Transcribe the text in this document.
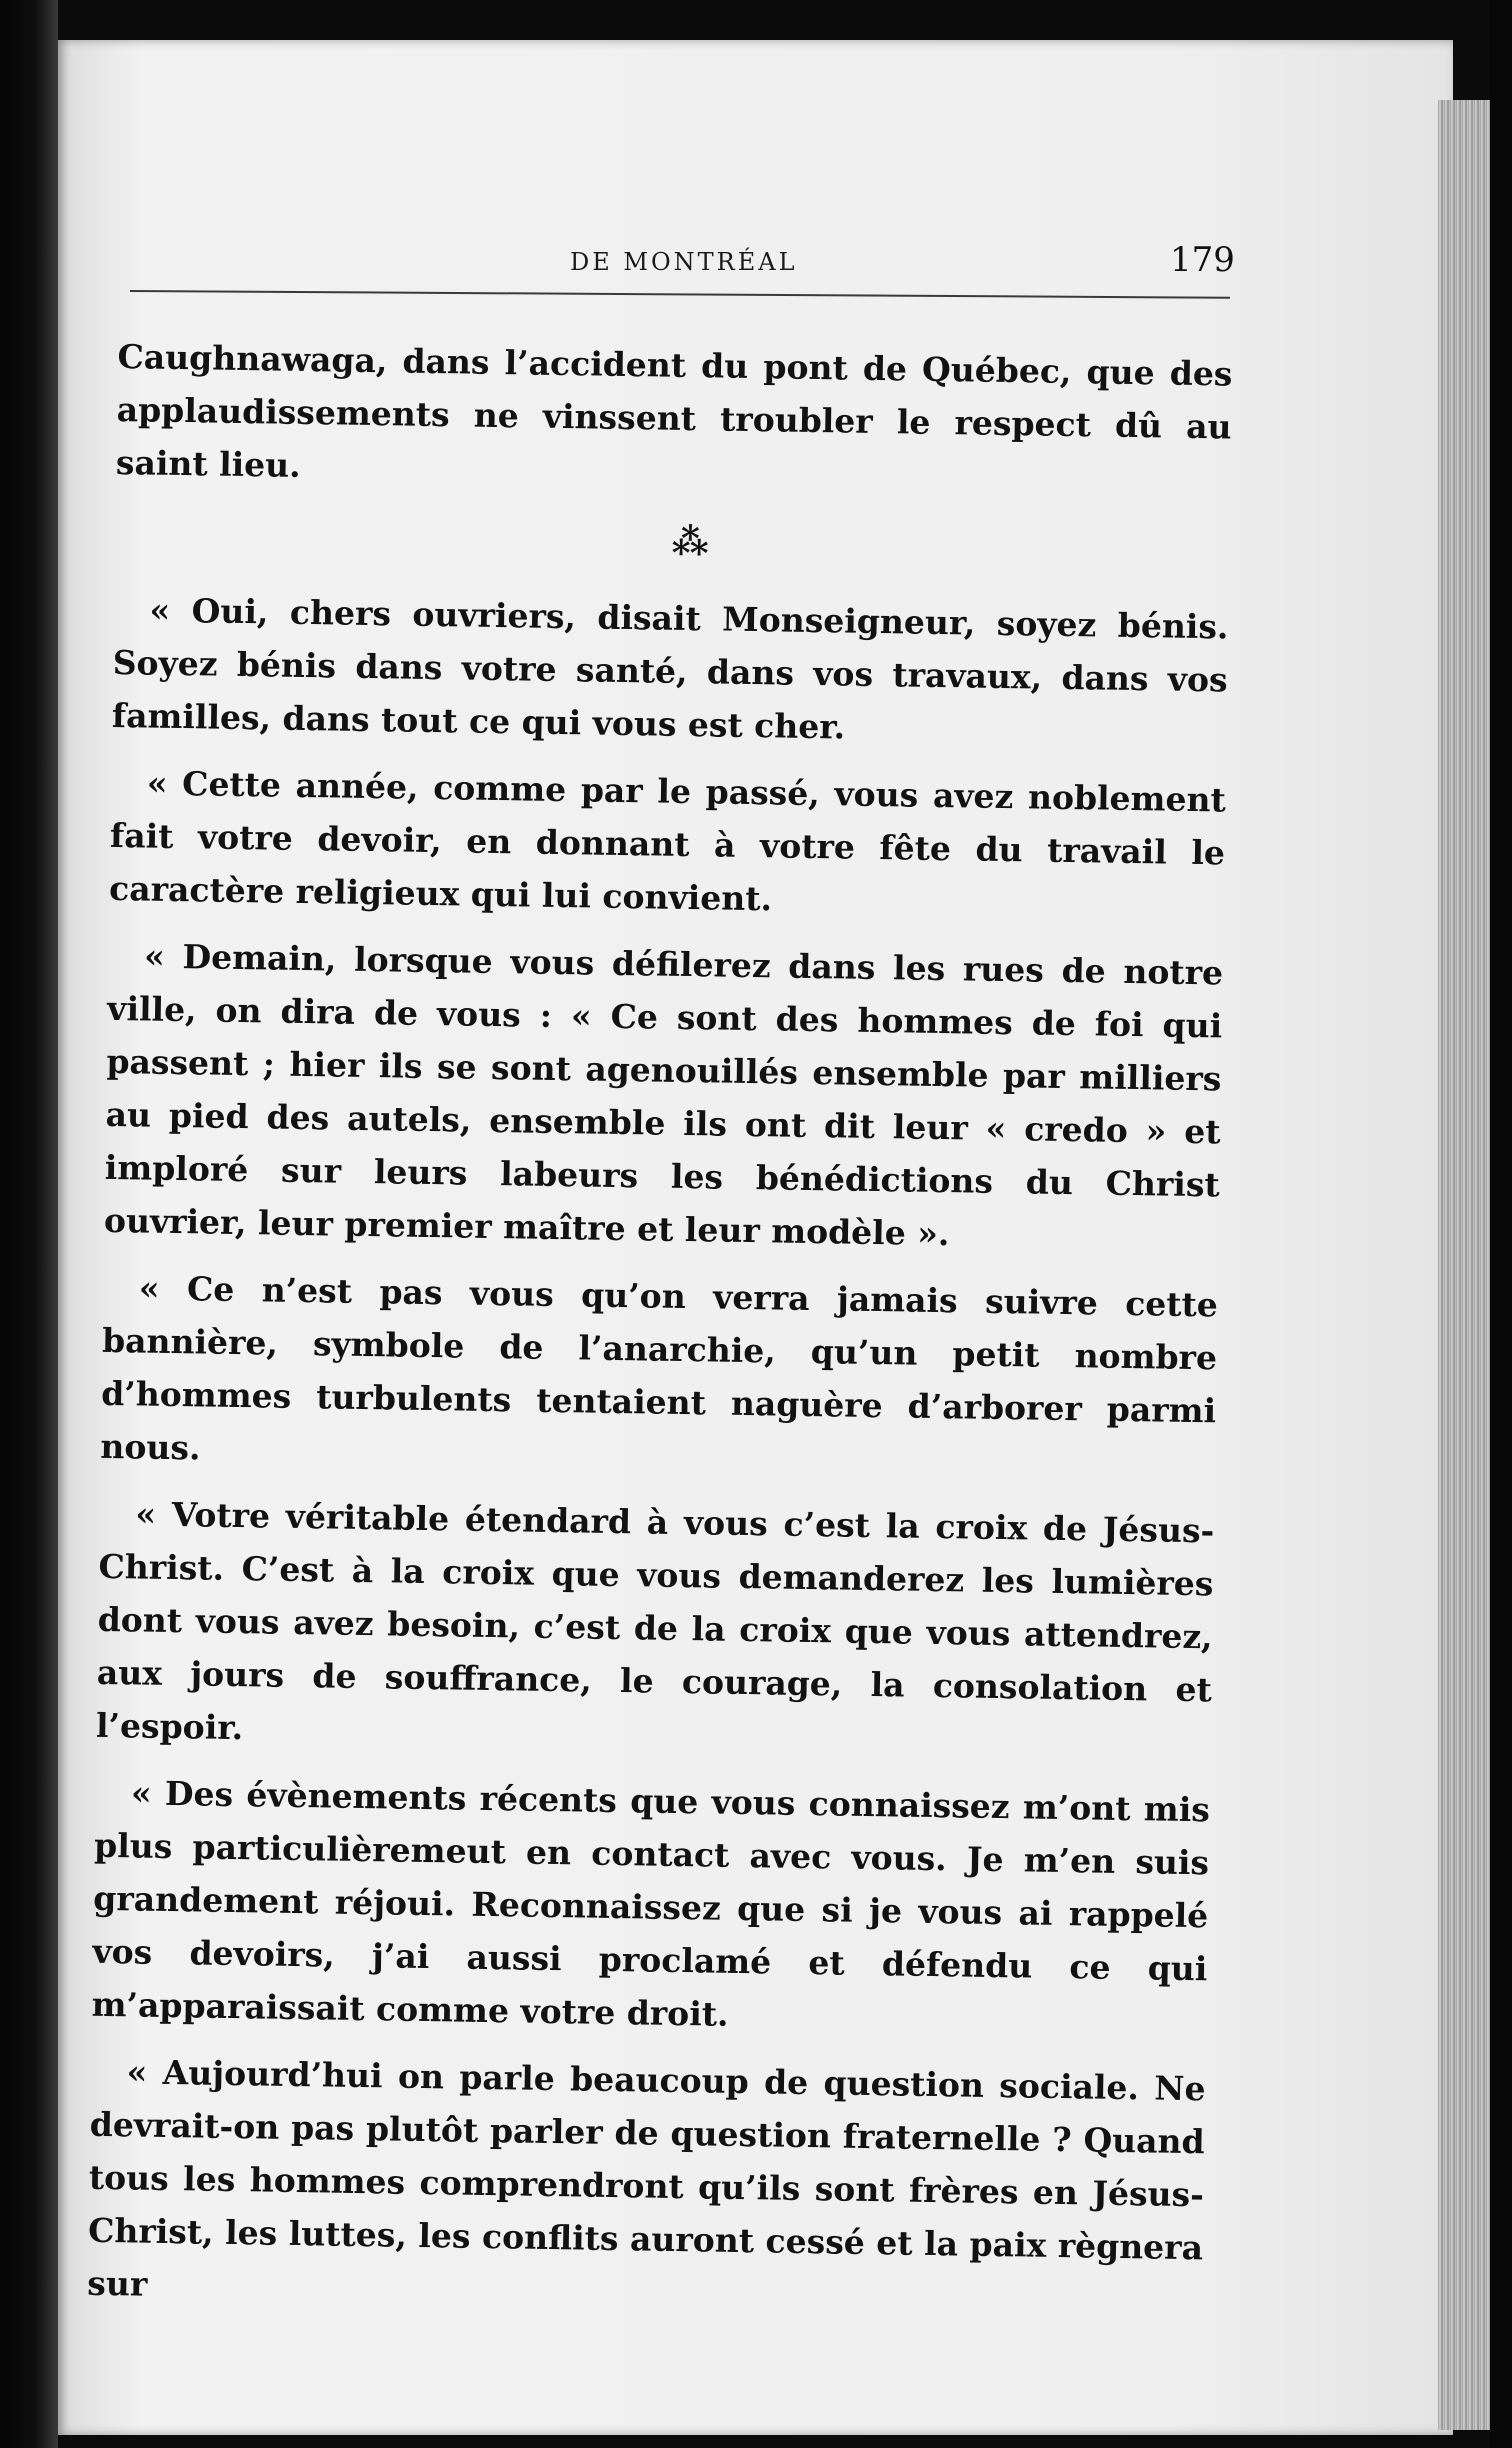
DE MONTRÉAL	179

Caughnawaga, dans l’accident du pont de Québec, que des applaudissements ne vinssent troubler le respect dû au saint lieu.

⁂

« Oui, chers ouvriers, disait Monseigneur, soyez bénis. Soyez bénis dans votre santé, dans vos travaux, dans vos familles, dans tout ce qui vous est cher.

« Cette année, comme par le passé, vous avez noblement fait votre devoir, en donnant à votre fête du travail le caractère religieux qui lui convient.

« Demain, lorsque vous défilerez dans les rues de notre ville, on dira de vous : « Ce sont des hommes de foi qui passent ; hier ils se sont agenouillés ensemble par milliers au pied des autels, ensemble ils ont dit leur « credo » et imploré sur leurs labeurs les bénédictions du Christ ouvrier, leur premier maître et leur modèle ».

« Ce n’est pas vous qu’on verra jamais suivre cette bannière, symbole de l’anarchie, qu’un petit nombre d’hommes turbulents tentaient naguère d’arborer parmi nous.

« Votre véritable étendard à vous c’est la croix de Jésus-Christ. C’est à la croix que vous demanderez les lumières dont vous avez besoin, c’est de la croix que vous attendrez, aux jours de souffrance, le courage, la consolation et l’espoir.

« Des évènements récents que vous connaissez m’ont mis plus particulièremeut en contact avec vous. Je m’en suis grandement réjoui. Reconnaissez que si je vous ai rappelé vos devoirs, j’ai aussi proclamé et défendu ce qui m’apparaissait comme votre droit.

« Aujourd’hui on parle beaucoup de question sociale. Ne devrait-on pas plutôt parler de question fraternelle ? Quand tous les hommes comprendront qu’ils sont frères en Jésus-Christ, les luttes, les conflits auront cessé et la paix règnera sur
